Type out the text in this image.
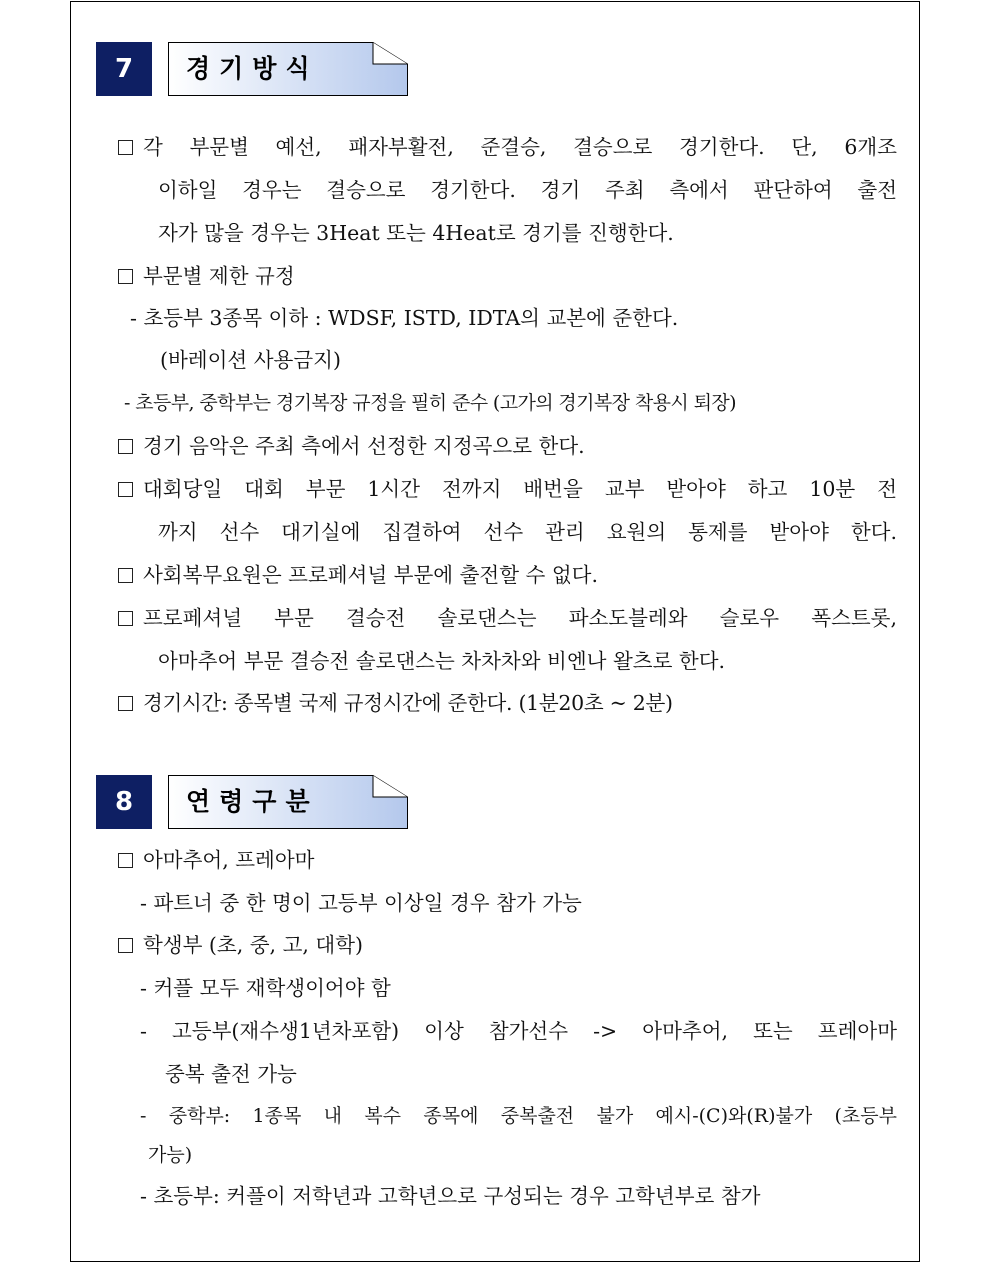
7	경기방식
각 부문별 예선, 패자부활전, 준결승, 결승으로 경기한다. 단, 6개조
이하일 경우는 결승으로 경기한다. 경기 주최 측에서 판단하여 출전
자가 많을 경우는 3Heat 또는 4Heat로 경기를 진행한다.
부문별 제한 규정
- 초등부 3종목 이하 : WDSF, ISTD, IDTA의 교본에 준한다.
(바레이션 사용금지)
- 초등부, 중학부는 경기복장 규정을 필히 준수 (고가의 경기복장 착용시 퇴장)
경기 음악은 주최 측에서 선정한 지정곡으로 한다.
대회당일 대회 부문 1시간 전까지 배번을 교부 받아야 하고 10분 전
까지 선수 대기실에 집결하여 선수 관리 요원의 통제를 받아야 한다.
사회복무요원은 프로페셔널 부문에 출전할 수 없다.
프로페셔널 부문 결승전 솔로댄스는 파소도블레와 슬로우 폭스트롯,
아마추어 부문 결승전 솔로댄스는 차차차와 비엔나 왈츠로 한다.
경기시간: 종목별 국제 규정시간에 준한다. (1분20초 ~ 2분)
8	연령구분
아마추어, 프레아마
- 파트너 중 한 명이 고등부 이상일 경우 참가 가능
학생부 (초, 중, 고, 대학)
- 커플 모두 재학생이어야 함
- 고등부(재수생1년차포함) 이상 참가선수 -> 아마추어, 또는 프레아마
중복 출전 가능
- 중학부: 1종목 내 복수 종목에 중복출전 불가 예시-(C)와(R)불가 (초등부
가능)
- 초등부: 커플이 저학년과 고학년으로 구성되는 경우 고학년부로 참가
